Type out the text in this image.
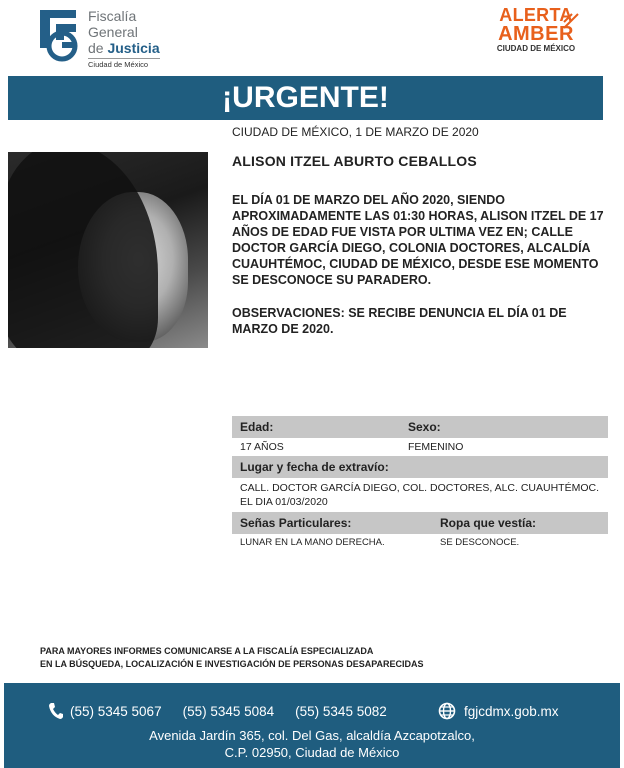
Fiscalía
General
de Justicia
Ciudad de México
ALERTA
AMBER
CIUDAD DE MÉXICO
¡URGENTE!
CIUDAD DE MÉXICO, 1 DE MARZO DE 2020
ALISON ITZEL ABURTO CEBALLOS
EL DÍA 01 DE MARZO DEL AÑO 2020, SIENDO APROXIMADAMENTE LAS 01:30 HORAS, ALISON ITZEL DE 17 AÑOS DE EDAD FUE VISTA POR ULTIMA VEZ EN; CALLE DOCTOR GARCÍA DIEGO, COLONIA DOCTORES, ALCALDÍA CUAUHTÉMOC, CIUDAD DE MÉXICO, DESDE ESE MOMENTO SE DESCONOCE SU PARADERO.
OBSERVACIONES: SE RECIBE DENUNCIA EL DÍA 01 DE MARZO DE 2020.
Edad:	Sexo:
17 AÑOS	FEMENINO
Lugar y fecha de extravío:
CALL. DOCTOR GARCÍA DIEGO, COL. DOCTORES, ALC. CUAUHTÉMOC. EL DIA 01/03/2020
Señas Particulares:	Ropa que vestía:
LUNAR EN LA MANO DERECHA.	SE DESCONOCE.
PARA MAYORES INFORMES COMUNICARSE A LA FISCALÍA ESPECIALIZADA
EN LA BÚSQUEDA, LOCALIZACIÓN E INVESTIGACIÓN DE PERSONAS DESAPARECIDAS
(55) 5345 5067 (55) 5345 5084 (55) 5345 5082	fgjcdmx.gob.mx
Avenida Jardín 365, col. Del Gas, alcaldía Azcapotzalco,
C.P. 02950, Ciudad de México
